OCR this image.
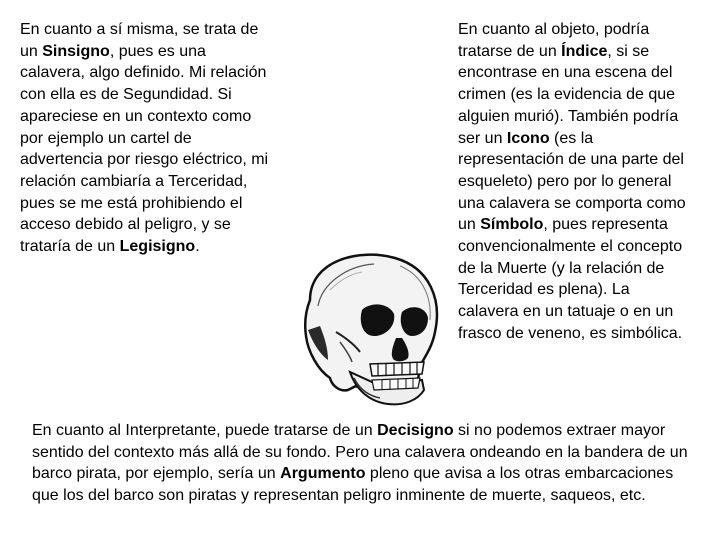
En cuanto a sí misma, se trata de un Sinsigno, pues es una calavera, algo definido. Mi relación con ella es de Segundidad. Si apareciese en un contexto como por ejemplo un cartel de advertencia por riesgo eléctrico, mi relación cambiaría a Terceridad, pues se me está prohibiendo el acceso debido al peligro, y se trataría de un Legisigno.

En cuanto al objeto, podría tratarse de un Índice, si se encontrase en una escena del crimen (es la evidencia de que alguien murió). También podría ser un Icono (es la representación de una parte del esqueleto) pero por lo general una calavera se comporta como un Símbolo, pues representa convencionalmente el concepto de la Muerte (y la relación de Terceridad es plena). La calavera en un tatuaje o en un frasco de veneno, es simbólica.

En cuanto al Interpretante, puede tratarse de un Decisigno si no podemos extraer mayor sentido del contexto más allá de su fondo. Pero una calavera ondeando en la bandera de un barco pirata, por ejemplo, sería un Argumento pleno que avisa a los otras embarcaciones que los del barco son piratas y representan peligro inminente de muerte, saqueos, etc.
